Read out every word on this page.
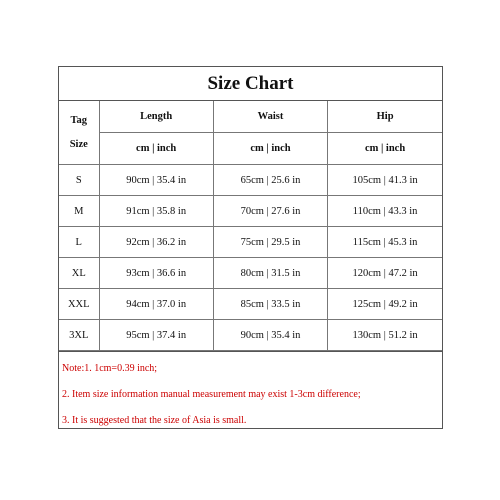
Size Chart
Tag
Size	Length	Waist	Hip
	cm | inch	cm | inch	cm | inch
S	90cm | 35.4 in	65cm | 25.6 in	105cm | 41.3 in
M	91cm | 35.8 in	70cm | 27.6 in	110cm | 43.3 in
L	92cm | 36.2 in	75cm | 29.5 in	115cm | 45.3 in
XL	93cm | 36.6 in	80cm | 31.5 in	120cm | 47.2 in
XXL	94cm | 37.0 in	85cm | 33.5 in	125cm | 49.2 in
3XL	95cm | 37.4 in	90cm | 35.4 in	130cm | 51.2 in
Note:1. 1cm=0.39 inch;
2. Item size information manual measurement may exist 1-3cm difference;
3. It is suggested that the size of Asia is small.
